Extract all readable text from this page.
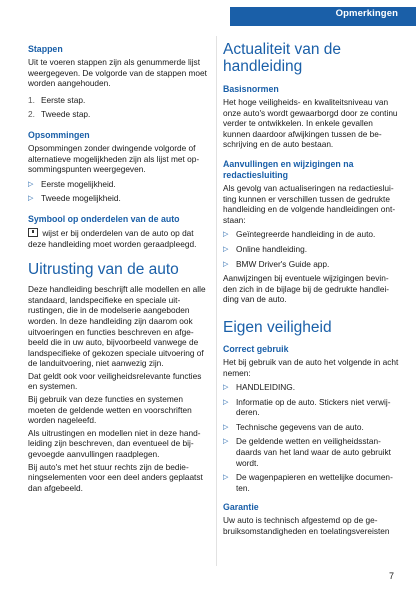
Opmerkingen
Stappen

Uit te voeren stappen zijn als genummerde lijst weergegeven. De volgorde van de stappen moet worden aangehouden.

1. Eerste stap.
2. Tweede stap.
Opsommingen

Opsommingen zonder dwingende volgorde of alternatieve mogelijkheden zijn als lijst met opsommingspunten weergegeven.

▷ Eerste mogelijkheid.
▷ Tweede mogelijkheid.
Symbool op onderdelen van de auto

wijst er bij onderdelen van de auto op dat deze handleiding moet worden geraadpleegd.

Uitrusting van de auto

Deze handleiding beschrijft alle modellen en alle standaard, landspecifieke en speciale uitrustingen, die in de modelserie aangeboden worden. In deze handleiding zijn daarom ook uitvoeringen en functies beschreven en afgebeeld die in uw auto, bijvoorbeeld vanwege de landspecifieke of gekozen speciale uitvoering of de landuitvoering, niet aanwezig zijn.

Dat geldt ook voor veiligheidsrelevante functies en systemen.

Bij gebruik van deze functies en systemen moeten de geldende wetten en voorschriften worden nageleefd.

Als uitrustingen en modellen niet in deze handleiding zijn beschreven, dan eventueel de bijgevoegde aanvullingen raadplegen.

Bij auto's met het stuur rechts zijn de bedieningselementen voor een deel anders geplaatst dan afgebeeld.

Actualiteit van de handleiding
Basisnormen

Het hoge veiligheids- en kwaliteitsniveau van onze auto's wordt gewaarborgd door ze continu verder te ontwikkelen. In enkele gevallen kunnen daardoor afwijkingen tussen de beschrijving en de auto bestaan.

Aanvullingen en wijzigingen na redactiesluiting

Als gevolg van actualiseringen na redactiesluiting kunnen er verschillen tussen de gedrukte handleiding en de volgende handleidingen ontstaan:

▷ Geïntegreerde handleiding in de auto.
▷ Online handleiding.
▷ BMW Driver's Guide app.

Aanwijzingen bij eventuele wijzigingen bevinden zich in de bijlage bij de gedrukte handleiding van de auto.

Eigen veiligheid
Correct gebruik

Het bij gebruik van de auto het volgende in acht nemen:

▷ HANDLEIDING.
▷ Informatie op de auto. Stickers niet verwijderen.
▷ Technische gegevens van de auto.
▷ De geldende wetten en veiligheidsstandaards van het land waar de auto gebruikt wordt.
▷ De wagenpapieren en wettelijke documenten.
Garantie

Uw auto is technisch afgestemd op de gebruiksomstandigheden en toelatingsvereisten

7
